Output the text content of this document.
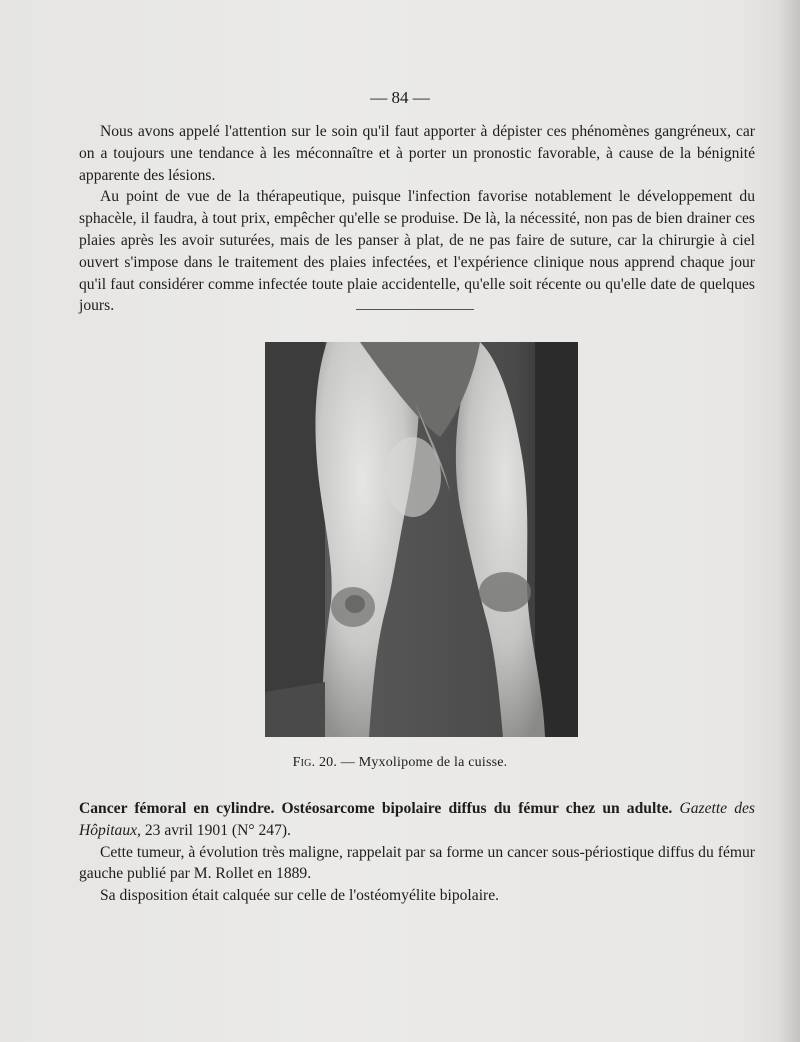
— 84 —

Nous avons appelé l'attention sur le soin qu'il faut apporter à dépister ces phénomènes gangréneux, car on a toujours une tendance à les méconnaître et à porter un pronostic favorable, à cause de la bénignité apparente des lésions.

Au point de vue de la thérapeutique, puisque l'infection favorise notablement le développement du sphacèle, il faudra, à tout prix, empêcher qu'elle se produise. De là, la nécessité, non pas de bien drainer ces plaies après les avoir suturées, mais de les panser à plat, de ne pas faire de suture, car la chirurgie à ciel ouvert s'impose dans le traitement des plaies infectées, et l'expérience clinique nous apprend chaque jour qu'il faut considérer comme infectée toute plaie accidentelle, qu'elle soit récente ou qu'elle date de quelques jours.

Fig. 20. — Myxolipome de la cuisse.

Cancer fémoral en cylindre. Ostéosarcome bipolaire diffus du fémur chez un adulte. Gazette des Hôpitaux, 23 avril 1901 (N° 247).

Cette tumeur, à évolution très maligne, rappelait par sa forme un cancer sous-périostique diffus du fémur gauche publié par M. Rollet en 1889.

Sa disposition était calquée sur celle de l'ostéomyélite bipolaire.
